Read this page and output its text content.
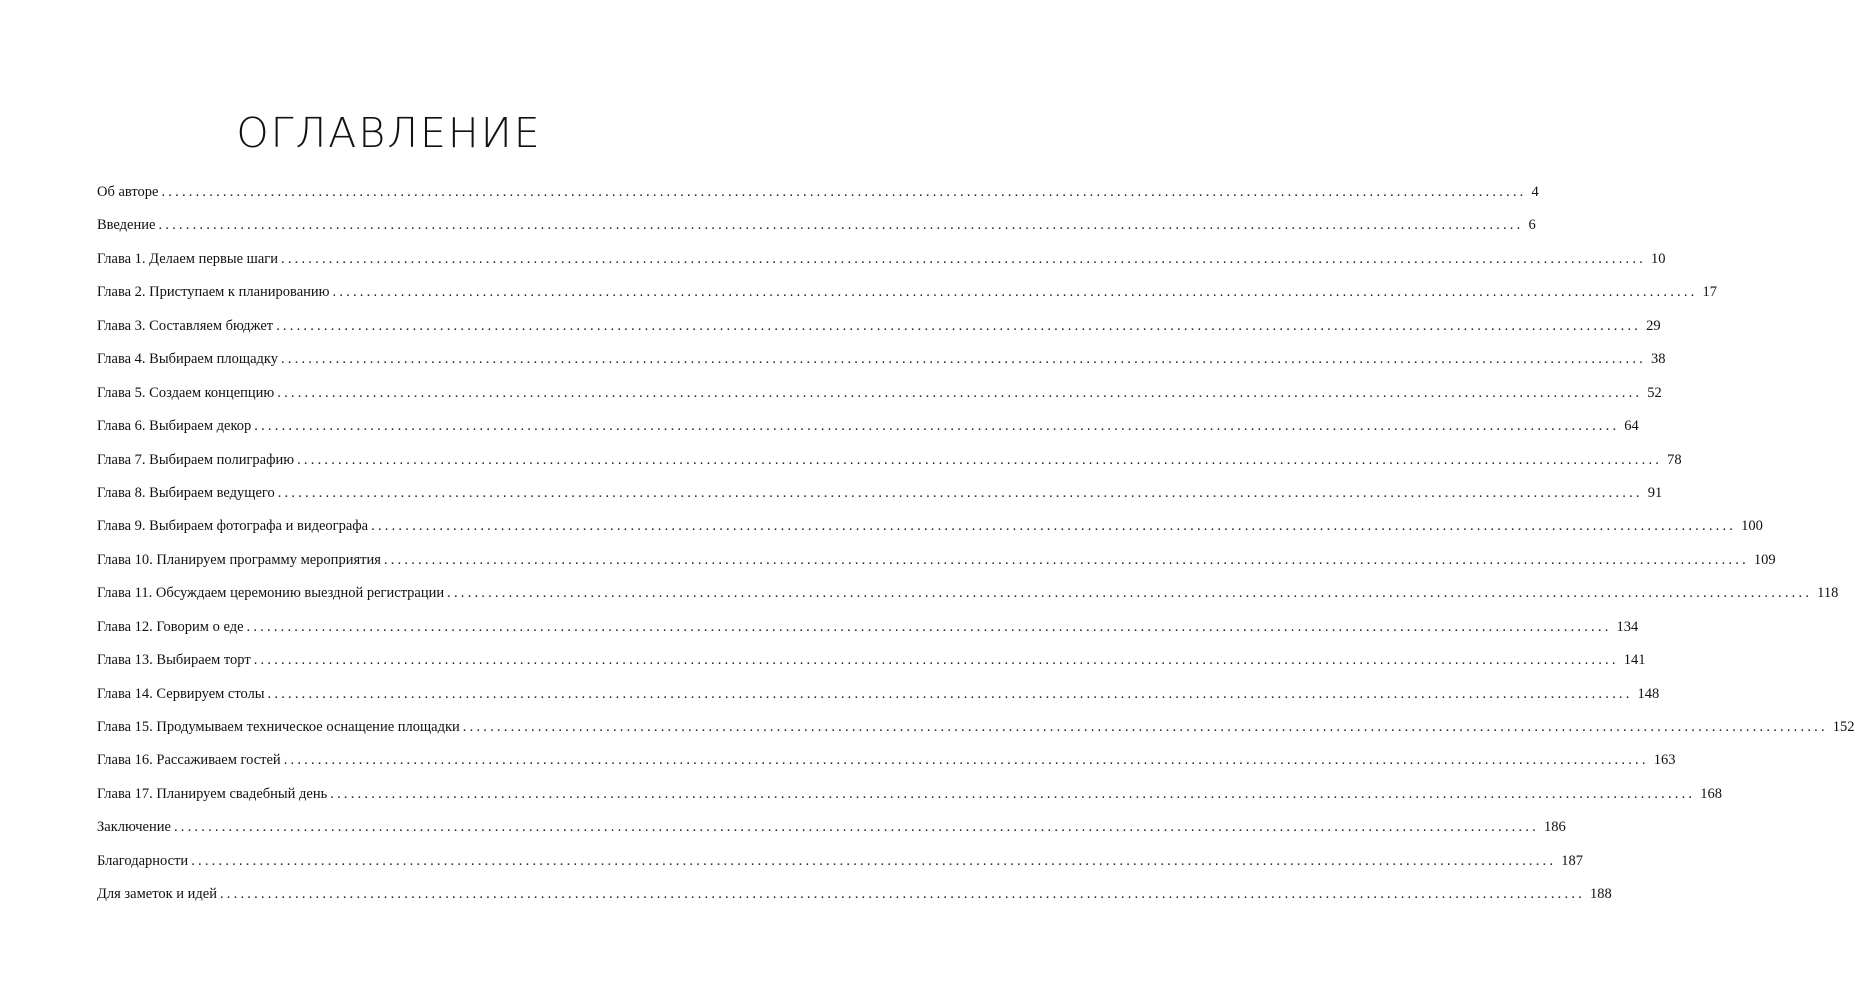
ОГЛАВЛЕНИЕ
Об авторе ........................................................................................................................................................................................................ 4
Введение ........................................................................................................................................................................................................ 6
Глава 1. Делаем первые шаги ........................................................................................................................................................................................................ 10
Глава 2. Приступаем к планированию ........................................................................................................................................................................................................ 17
Глава 3. Составляем бюджет ........................................................................................................................................................................................................ 29
Глава 4. Выбираем площадку ........................................................................................................................................................................................................ 38
Глава 5. Создаем концепцию ........................................................................................................................................................................................................ 52
Глава 6. Выбираем декор ........................................................................................................................................................................................................ 64
Глава 7. Выбираем полиграфию ........................................................................................................................................................................................................ 78
Глава 8. Выбираем ведущего ........................................................................................................................................................................................................ 91
Глава 9. Выбираем фотографа и видеографа ........................................................................................................................................................................................................ 100
Глава 10. Планируем программу мероприятия ........................................................................................................................................................................................................ 109
Глава 11. Обсуждаем церемонию выездной регистрации ........................................................................................................................................................................................................ 118
Глава 12. Говорим о еде ........................................................................................................................................................................................................ 134
Глава 13. Выбираем торт ........................................................................................................................................................................................................ 141
Глава 14. Сервируем столы ........................................................................................................................................................................................................ 148
Глава 15. Продумываем техническое оснащение площадки ........................................................................................................................................................................................................ 152
Глава 16. Рассаживаем гостей ........................................................................................................................................................................................................ 163
Глава 17. Планируем свадебный день ........................................................................................................................................................................................................ 168
Заключение ........................................................................................................................................................................................................ 186
Благодарности ........................................................................................................................................................................................................ 187
Для заметок и идей ........................................................................................................................................................................................................ 188
